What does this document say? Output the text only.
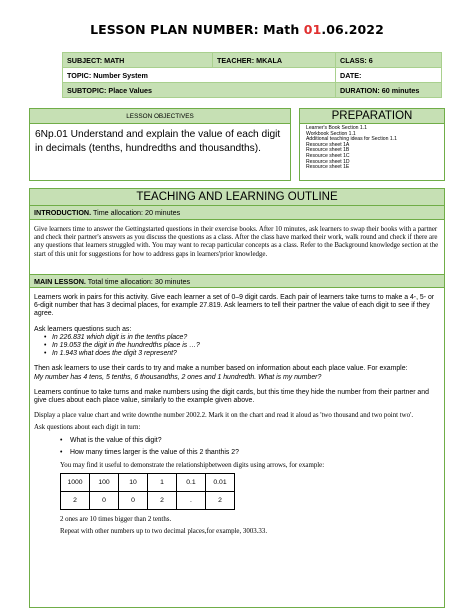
LESSON PLAN NUMBER: Math 01.06.2022
SUBJECT: MATH	TEACHER: MKALA	CLASS: 6
TOPIC: Number System		DATE:
SUBTOPIC: Place Values		DURATION: 60 minutes
LESSON OBJECTIVES
6Np.01 Understand and explain the value of each digit in decimals (tenths, hundredths and thousandths).
PREPARATION
Learner's Book Section 1.1
Workbook Section 1.1
Additional teaching ideas for Section 1.1
Resource sheet 1A
Resource sheet 1B
Resource sheet 1C
Resource sheet 1D
Resource sheet 1E
TEACHING AND LEARNING OUTLINE
INTRODUCTION. Time allocation: 20 minutes
Give learners time to answer the Gettingstarted questions in their exercise books. After 10 minutes, ask learners to swap their books with a partner and check their partner's answers as you discuss the questions as a class. After the class have marked their work, walk round and check if there are any questions that learners struggled with. You may want to recap particular concepts as a class. Refer to the Background knowledge section at the start of this unit for suggestions for how to address gaps in learners'prior knowledge.
MAIN LESSON. Total time allocation: 30 minutes

Learners work in pairs for this activity. Give each learner a set of 0–9 digit cards. Each pair of learners take turns to make a 4-, 5- or 6-digit number that has 3 decimal places, for example 27.819. Ask learners to tell their partner the value of each digit to see if they agree.

Ask learners questions such as:
• In 226.831 which digit is in the tenths place?
• In 19.053 the digit in the hundredths place is …?
• In 1.943 what does the digit 3 represent?
Then ask learners to use their cards to try and make a number based on information about each place value. For example:

My number has 4 tens, 5 tenths, 6 thousandths, 2 ones and 1 hundredth. What is my number?

Learners continue to take turns and make numbers using the digit cards, but this time they hide the number from their partner and give clues about each place value, similarly to the example given above.

Display a place value chart and write downthe number 2002.2. Mark it on the chart and read it aloud as 'two thousand and two point two'.
Ask questions about each digit in turn:
• What is the value of this digit?
• How many times larger is the value of this 2 thanthis 2?
You may find it useful to demonstrate the relationshipbetween digits using arrows, for example:
1000	100	10	1	0.1	0.01
2	0	0	2	.	2
2 ones are 10 times bigger than 2 tenths.
Repeat with other numbers up to two decimal places,for example, 3003.33.
